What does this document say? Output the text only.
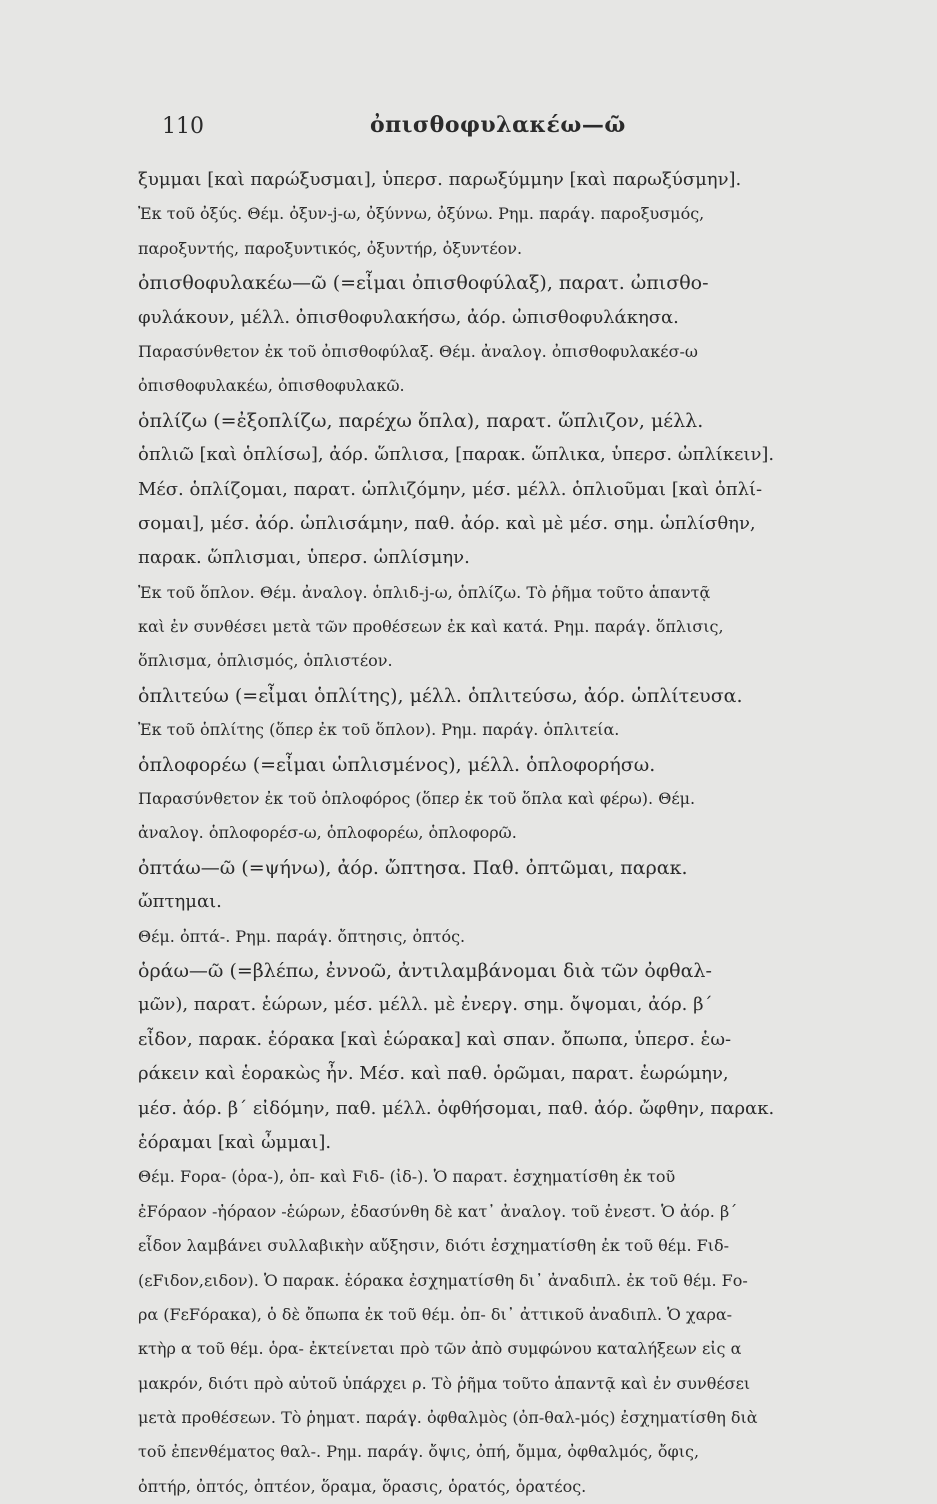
110	ὀπισθοφυλακέω—ῶ
ξυμμαι [καὶ παρώξυσμαι], ὑπερσ. παρωξύμμην [καὶ παρωξύσμην].
Ἐκ τοῦ ὀξύς. Θέμ. ὀξυν-j-ω, ὀξύννω, ὀξύνω. Ρημ. παράγ. παροξυσμός,
παροξυντής, παροξυντικός, ὀξυντήρ, ὀξυντέον.
ὀπισθοφυλακέω—ῶ (=εἶμαι ὀπισθοφύλαξ), παρατ. ὠπισθο-
φυλάκουν, μέλλ. ὀπισθοφυλακήσω, ἀόρ. ὠπισθοφυλάκησα.
Παρασύνθετον ἐκ τοῦ ὀπισθοφύλαξ. Θέμ. ἀναλογ. ὀπισθοφυλακέσ-ω
ὀπισθοφυλακέω, ὀπισθοφυλακῶ.
ὁπλίζω (=ἐξοπλίζω, παρέχω ὅπλα), παρατ. ὥπλιζον, μέλλ.
ὁπλιῶ [καὶ ὁπλίσω], ἀόρ. ὥπλισα, [παρακ. ὥπλικα, ὑπερσ. ὠπλίκειν].
Μέσ. ὁπλίζομαι, παρατ. ὡπλιζόμην, μέσ. μέλλ. ὁπλιοῦμαι [καὶ ὁπλί-
σομαι], μέσ. ἀόρ. ὡπλισάμην, παθ. ἀόρ. καὶ μὲ μέσ. σημ. ὡπλίσθην,
παρακ. ὥπλισμαι, ὑπερσ. ὡπλίσμην.
Ἐκ τοῦ ὅπλον. Θέμ. ἀναλογ. ὁπλιδ-j-ω, ὁπλίζω. Τὸ ῥῆμα τοῦτο ἁπαντᾷ
καὶ ἐν συνθέσει μετὰ τῶν προθέσεων ἐκ καὶ κατά. Ρημ. παράγ. ὅπλισις,
ὅπλισμα, ὁπλισμός, ὁπλιστέον.
ὁπλιτεύω (=εἶμαι ὁπλίτης), μέλλ. ὁπλιτεύσω, ἀόρ. ὡπλίτευσα.
Ἐκ τοῦ ὁπλίτης (ὅπερ ἐκ τοῦ ὅπλον). Ρημ. παράγ. ὁπλιτεία.
ὁπλοφορέω (=εἶμαι ὡπλισμένος), μέλλ. ὁπλοφορήσω.
Παρασύνθετον ἐκ τοῦ ὁπλοφόρος (ὅπερ ἐκ τοῦ ὅπλα καὶ φέρω). Θέμ.
ἀναλογ. ὁπλοφορέσ-ω, ὁπλοφορέω, ὁπλοφορῶ.
ὀπτάω—ῶ (=ψήνω), ἀόρ. ὤπτησα. Παθ. ὀπτῶμαι, παρακ.
ὤπτημαι.
Θέμ. ὀπτά-. Ρημ. παράγ. ὄπτησις, ὀπτός.
ὁράω—ῶ (=βλέπω, ἐννοῶ, ἀντιλαμβάνομαι διὰ τῶν ὀφθαλ-
μῶν), παρατ. ἑώρων, μέσ. μέλλ. μὲ ἐνεργ. σημ. ὄψομαι, ἀόρ. β´
εἶδον, παρακ. ἑόρακα [καὶ ἑώρακα] καὶ σπαν. ὄπωπα, ὑπερσ. ἑω-
ράκειν καὶ ἑορακὼς ἦν. Μέσ. καὶ παθ. ὁρῶμαι, παρατ. ἑωρώμην,
μέσ. ἀόρ. β´ εἰδόμην, παθ. μέλλ. ὀφθήσομαι, παθ. ἀόρ. ὤφθην, παρακ.
ἑόραμαι [καὶ ὦμμαι].
Θέμ. Fορα- (ὁρα-), ὀπ- καὶ Fιδ- (ἰδ-). Ὁ παρατ. ἐσχηματίσθη ἐκ τοῦ
ἐFόραον -ἠόραον -ἑώρων, ἐδασύνθη δὲ κατ᾽ ἀναλογ. τοῦ ἐνεστ. Ὁ ἀόρ. β´
εἶδον λαμβάνει συλλαβικὴν αὔξησιν, διότι ἐσχηματίσθη ἐκ τοῦ θέμ. Fιδ-
(εFιδον,ειδον). Ὁ παρακ. ἑόρακα ἐσχηματίσθη δι᾽ ἀναδιπλ. ἐκ τοῦ θέμ. Fο-
ρα (FεFόρακα), ὁ δὲ ὄπωπα ἐκ τοῦ θέμ. ὀπ- δι᾽ ἀττικοῦ ἀναδιπλ. Ὁ χαρα-
κτὴρ α τοῦ θέμ. ὁρα- ἐκτείνεται πρὸ τῶν ἀπὸ συμφώνου καταλήξεων εἰς α
μακρόν, διότι πρὸ αὐτοῦ ὑπάρχει ρ. Τὸ ῥῆμα τοῦτο ἁπαντᾷ καὶ ἐν συνθέσει
μετὰ προθέσεων. Τὸ ῥηματ. παράγ. ὀφθαλμὸς (ὀπ-θαλ-μός) ἐσχηματίσθη διὰ
τοῦ ἐπενθέματος θαλ-. Ρημ. παράγ. ὄψις, ὀπή, ὄμμα, ὀφθαλμός, ὄφις,
ὀπτήρ, ὀπτός, ὀπτέον, ὅραμα, ὅρασις, ὁρατός, ὁρατέος.
